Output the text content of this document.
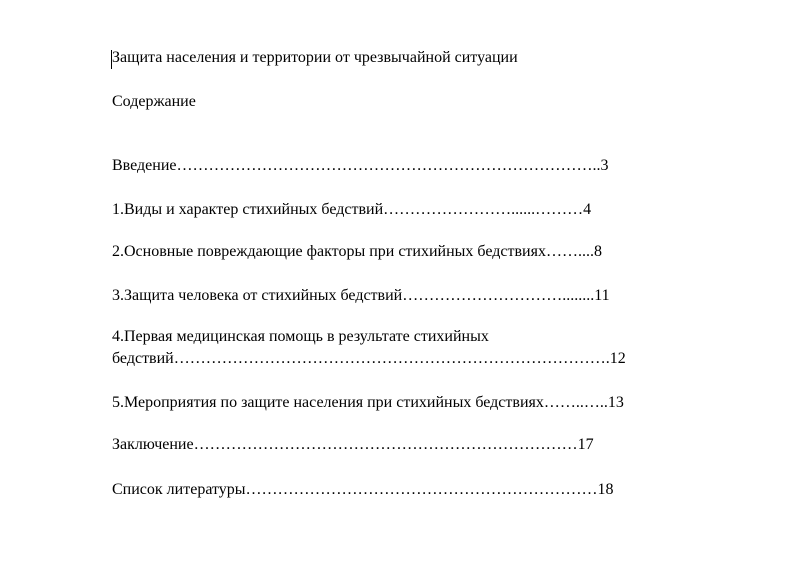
Защита населения и территории от чрезвычайной ситуации
Содержание
Введение……………………………………………………………………..3
1.Виды и характер стихийных бедствий……………………......………4
2.Основные повреждающие факторы при стихийных бедствиях……....8
3.Защита человека от стихийных бедствий…………………………........11
4.Первая медицинская помощь в результате стихийных
бедствий……………………………………………………………………….12
5.Мероприятия по защите населения при стихийных бедствиях……..…..13
Заключение………………………………………………………………17
Список литературы…………………………………………………………18
